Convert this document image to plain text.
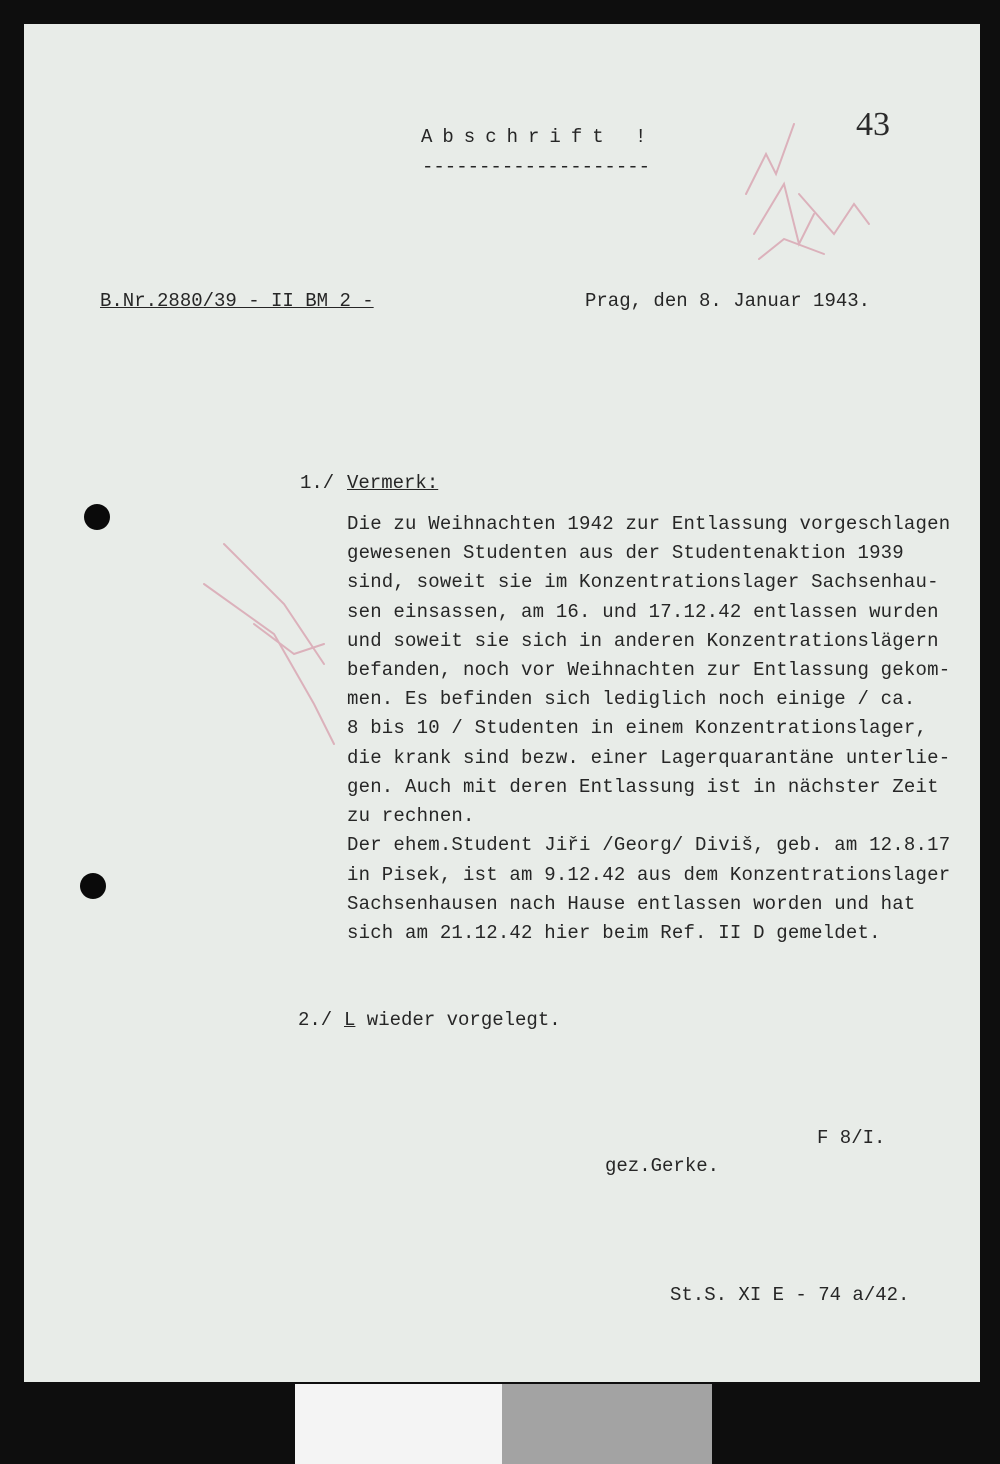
43
Abschrift !
--------------------
B.Nr.2880/39 - II BM 2 -	Prag, den 8. Januar 1943.
1./ Vermerk:
Die zu Weihnachten 1942 zur Entlassung vorgeschlagen
gewesenen Studenten aus der Studentenaktion 1939
sind, soweit sie im Konzentrationslager Sachsenhau-
sen einsassen, am 16. und 17.12.42 entlassen wurden
und soweit sie sich in anderen Konzentrationslägern
befanden, noch vor Weihnachten zur Entlassung gekom-
men. Es befinden sich lediglich noch einige / ca.
8 bis 10 / Studenten in einem Konzentrationslager,
die krank sind bezw. einer Lagerquarantäne unterlie-
gen. Auch mit deren Entlassung ist in nächster Zeit
zu rechnen.
Der ehem.Student Jiři /Georg/ Diviš, geb. am 12.8.17
in Pisek, ist am 9.12.42 aus dem Konzentrationslager
Sachsenhausen nach Hause entlassen worden und hat
sich am 21.12.42 hier beim Ref. II D gemeldet.
2./ L wieder vorgelegt.
F 8/I.
gez.Gerke.
St.S. XI E - 74 a/42.
